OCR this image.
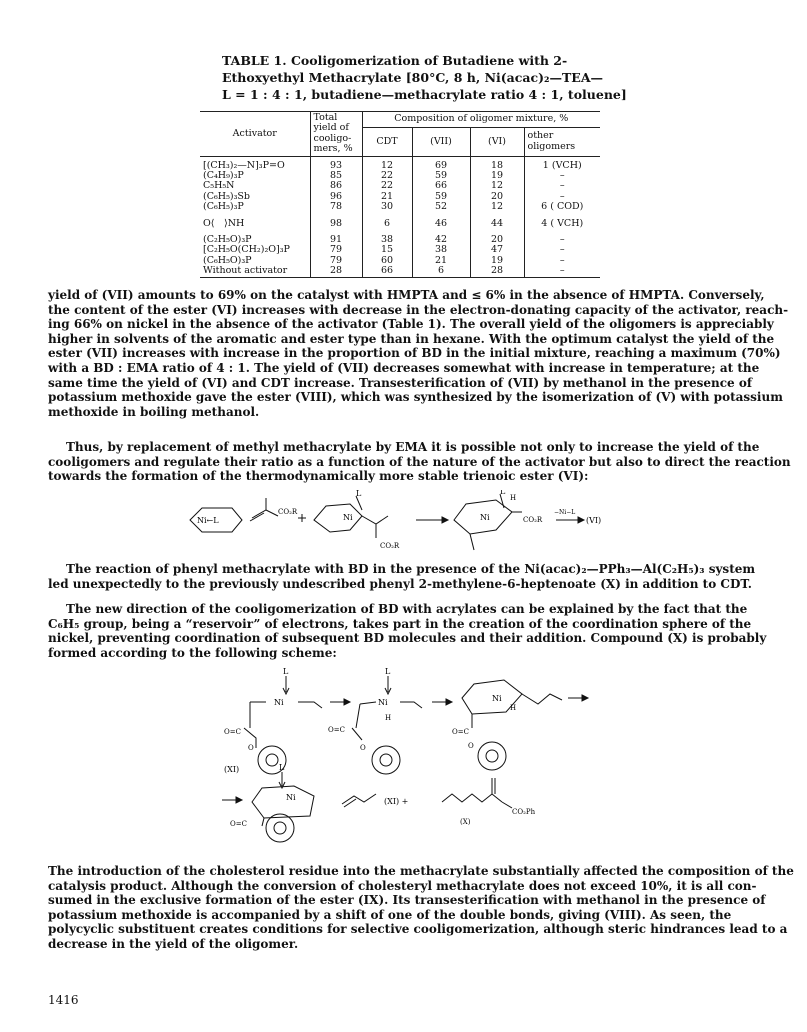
TABLE 1. Cooligomerization of Butadiene with 2-
Ethoxyethyl Methacrylate [80°C, 8 h, Ni(acac)₂—TEA—
L = 1 : 4 : 1, butadiene—methacrylate ratio 4 : 1, toluene]
Activator	Total yield of cooligo- mers, %	Composition of oligomer mixture, %			
		CDT	(VII)	(VI)	other oligomers
[(CH₃)₂—N]₃P=O	93	12	69	18	1 (VCH)
(C₄H₉)₃P	85	22	59	19	–
C₅H₅N	86	22	66	12	–
(C₆H₅)₃Sb	96	21	59	20	–
(C₆H₅)₃P	78	30	52	12	6 ( COD)
O⟨ ⟩NH	98	6	46	44	4 ( VCH)
(C₂H₅O)₃P	91	38	42	20	–
[C₂H₅O(CH₂)₂O]₃P	79	15	38	47	–
(C₆H₅O)₃P	79	60	21	19	–
Without activator	28	66	6	28	–
yield of (VII) amounts to 69% on the catalyst with HMPTA and ≤ 6% in the absence of HMPTA. Conversely,
the content of the ester (VI) increases with decrease in the electron-donating capacity of the activator, reach-
ing 66% on nickel in the absence of the activator (Table 1). The overall yield of the oligomers is appreciably
higher in solvents of the aromatic and ester type than in hexane. With the optimum catalyst the yield of the
ester (VII) increases with increase in the proportion of BD in the initial mixture, reaching a maximum (70%)
with a BD : EMA ratio of 4 : 1. The yield of (VII) decreases somewhat with increase in temperature; at the
same time the yield of (VI) and CDT increase. Transesterification of (VII) by methanol in the presence of
potassium methoxide gave the ester (VIII), which was synthesized by the isomerization of (V) with potassium
methoxide in boiling methanol.
Thus, by replacement of methyl methacrylate by EMA it is possible not only to increase the yield of the
cooligomers and regulate their ratio as a function of the nature of the activator but also to direct the reaction
towards the formation of the thermodynamically more stable trienoic ester (VI):
Ni←L
CO₂R
L
Ni
CO₂R
L
H
Ni	CO₂R
−Ni−L
(VI)
The reaction of phenyl methacrylate with BD in the presence of the Ni(acac)₂—PPh₃—Al(C₂H₅)₃ system
led unexpectedly to the previously undescribed phenyl 2-methylene-6-heptenoate (X) in addition to CDT.
The new direction of the cooligomerization of BD with acrylates can be explained by the fact that the
C₆H₅ group, being a “reservoir” of electrons, takes part in the creation of the coordination sphere of the
nickel, preventing coordination of subsequent BD molecules and their addition. Compound (X) is probably
formed according to the following scheme:
L
Ni
O=C
O
(XI)
L
Ni
H
O=C
O
Ni
H
O=C
O
L
Ni
O=C
(XI) +
CO₂Ph
(X)
The introduction of the cholesterol residue into the methacrylate substantially affected the composition of the
catalysis product. Although the conversion of cholesteryl methacrylate does not exceed 10%, it is all con-
sumed in the exclusive formation of the ester (IX). Its transesterification with methanol in the presence of
potassium methoxide is accompanied by a shift of one of the double bonds, giving (VIII). As seen, the
polycyclic substituent creates conditions for selective cooligomerization, although steric hindrances lead to a
decrease in the yield of the oligomer.
1416
